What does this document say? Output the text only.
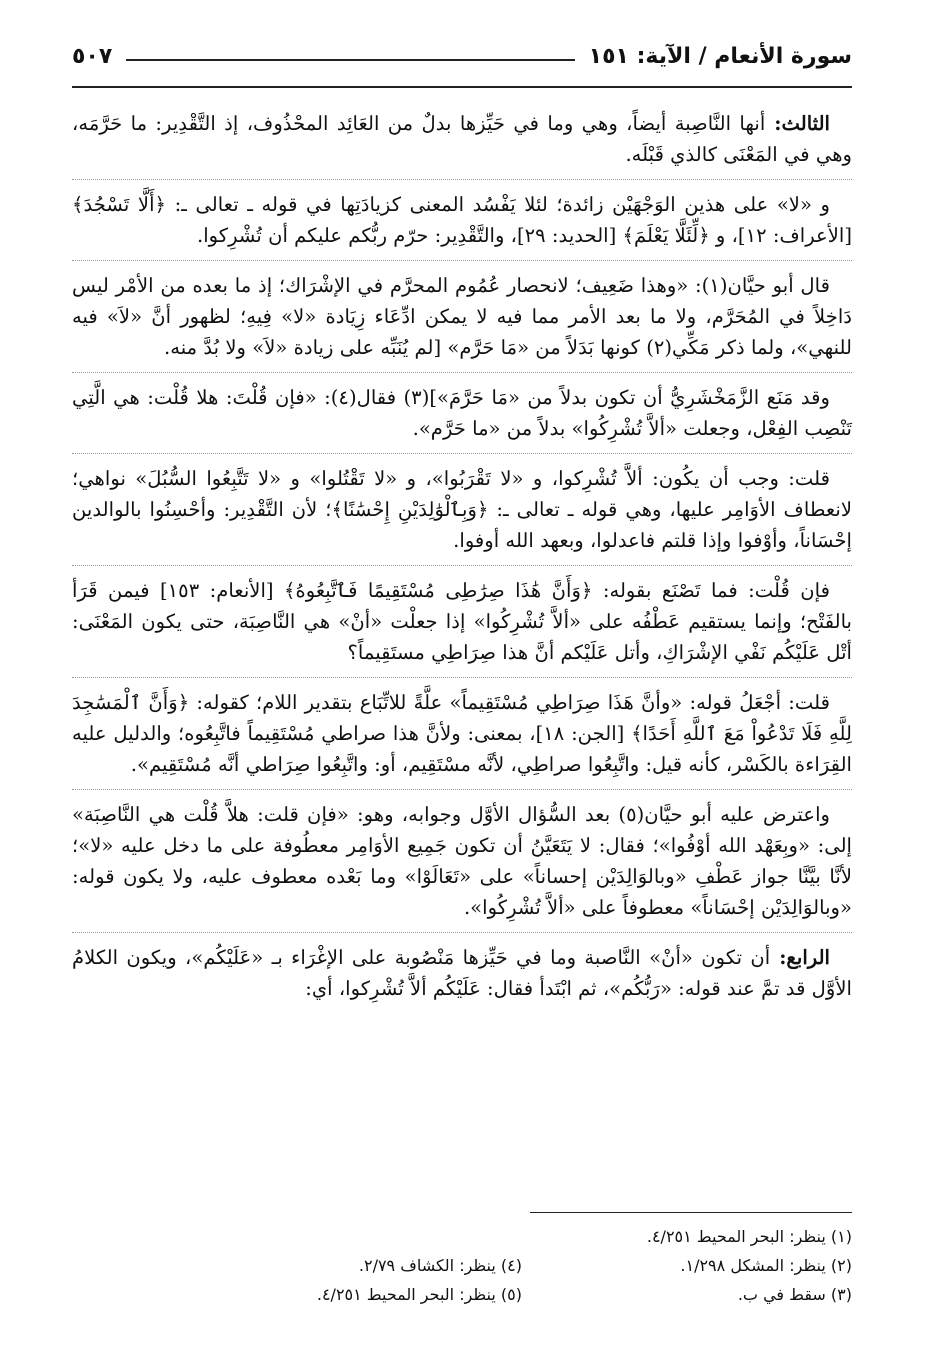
سورة الأنعام / الآية: ١٥١
٥٠٧

الثالث: أنها النَّاصِبة أيضاً، وهي وما في حَيِّزها بدلٌ من العَائِد المحْذُوف، إذ التَّقْدِير: ما حَرَّمَه، وهي في المَعْنَى كالذي قَبْلَه.

و «لا» على هذين الوَجْهَيْن زائدة؛ لئلا يَفْسُد المعنى كزيادَتِها في قوله ـ تعالى ـ: ﴿أَلَّا تَسْجُدَ﴾ [الأعراف: ١٢]، و ﴿لِّئَلَّا يَعْلَمَ﴾ [الحديد: ٢٩]، والتَّقْدِير: حرّم ربُّكم عليكم أن تُشْرِكوا.

قال أبو حيَّان(١): «وهذا ضَعِيف؛ لانحصار عُمُوم المحرَّم في الإشْرَاك؛ إذ ما بعده من الأمْر ليس دَاخِلاً في المُحَرَّم، ولا ما بعد الأمر مما فيه لا يمكن ادِّعَاء زِيَادة «لا» فِيهِ؛ لظهور أنَّ «لاَ» فيه للنهي»، ولما ذكر مَكِّي(٢) كونها بَدَلاً من «مَا حَرَّم» [لم يُنَبِّه على زيادة «لاَ» ولا بُدَّ منه.

وقد مَنَع الزَّمَخْشَرِيُّ أن تكون بدلاً من «مَا حَرَّمَ»](٣) فقال(٤): «فإن قُلْتَ: هلا قُلْت: هي الَّتِي تَنْصِب الفِعْل، وجعلت «ألاَّ تُشْرِكُوا» بدلاً من «ما حَرَّم».

قلت: وجب أن يكُون: ألاَّ تُشْرِكوا، و «لا تَقْرَبُوا»، و «لا تَقْتُلوا» و «لا تَتَّبِعُوا السُّبُلَ» نواهي؛ لانعطاف الأوَامِر عليها، وهي قوله ـ تعالى ـ: ﴿وَبِٱلْوَٰلِدَيْنِ إِحْسَٰنًا﴾؛ لأن التَّقْدِير: وأحْسِنُوا بالوالدين إحْسَاناً، وأوْفوا وإذا قلتم فاعدلوا، وبعهد الله أوفوا.

فإن قُلْت: فما تَصْنَع بقوله: ﴿وَأَنَّ هَٰذَا صِرَٰطِى مُسْتَقِيمًا فَٱتَّبِعُوهُ﴾ [الأنعام: ١٥٣] فيمن قَرَأ بالفَتْح؛ وإنما يستقيم عَطْفُه على «ألاَّ تُشْرِكُوا» إذا جعلْت «أنْ» هي النَّاصِبَة، حتى يكون المَعْنَى: أتْل عَلَيْكُم نَفْي الإشْرَاكِ، وأتل عَلَيْكم أنَّ هذا صِرَاطِي مستَقِيماً؟

قلت: أجْعَلُ قوله: «وأنَّ هَذَا صِرَاطِي مُسْتَقِيماً» علَّةً للاتِّبَاع بتقدير اللام؛ كقوله: ﴿وَأَنَّ ٱلْمَسَٰجِدَ لِلَّهِ فَلَا تَدْعُواْ مَعَ ٱللَّهِ أَحَدًا﴾ [الجن: ١٨]، بمعنى: ولأنَّ هذا صراطي مُسْتَقِيماً فاتَّبِعُوه؛ والدليل عليه القِرَاءة بالكَسْر، كأنه قيل: واتَّبِعُوا صراطِي، لأنَّه مسْتَقِيم، أو: واتَّبِعُوا صِرَاطي أنَّه مُسْتَقِيم».

واعترض عليه أبو حيَّان(٥) بعد السُّؤال الأوَّل وجوابه، وهو: «فإن قلت: هلاَّ قُلْت هي النَّاصِبَة» إلى: «وبِعَهْد الله أوْفُوا»؛ فقال: لا يَتَعَيَّنُ أن تكون جَمِيع الأوَامِر معطُوفة على ما دخل عليه «لا»؛ لأنَّا بيَّنَّا جواز عَطْفِ «وبالوَالِدَيْن إحساناً» على «تَعَالَوْا» وما بَعْده معطوف عليه، ولا يكون قوله: «وبالوَالِدَيْن إحْسَاناً» معطوفاً على «ألاَّ تُشْرِكُوا».

الرابع: أن تكون «أنْ» النَّاصبة وما في حَيِّزها مَنْصُوبة على الإغْرَاء بـ «عَلَيْكُم»، ويكون الكلامُ الأوَّل قد تمَّ عند قوله: «رَبُّكُم»، ثم ابْتَدأ فقال: عَلَيْكُم ألاَّ تُشْرِكوا، أي:

(١) ينظر: البحر المحيط ٤/٢٥١.
(٢) ينظر: المشكل ١/٢٩٨.
(٤) ينظر: الكشاف ٢/٧٩.
(٣) سقط في ب.
(٥) ينظر: البحر المحيط ٤/٢٥١.
